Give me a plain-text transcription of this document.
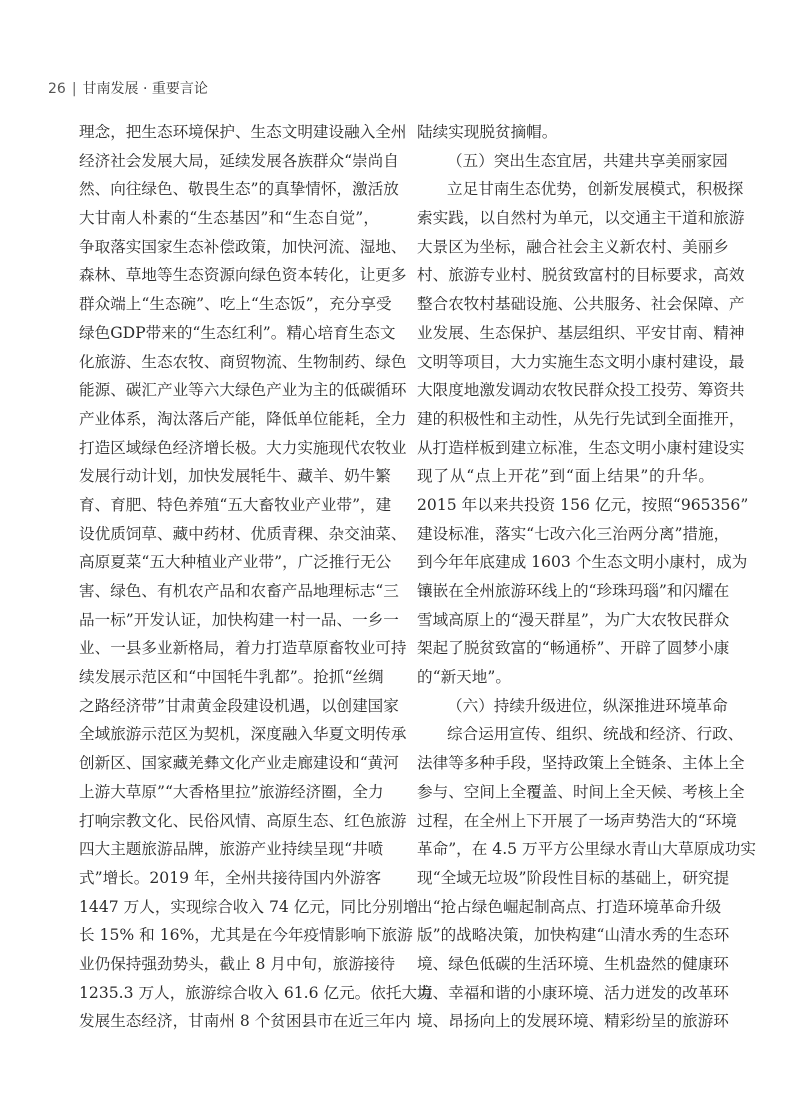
26 | 甘南发展 · 重要言论
理念，把生态环境保护、生态文明建设融入全州
经济社会发展大局，延续发展各族群众“崇尚自
然、向往绿色、敬畏生态”的真挚情怀，激活放
大甘南人朴素的“生态基因”和“生态自觉”，
争取落实国家生态补偿政策，加快河流、湿地、
森林、草地等生态资源向绿色资本转化，让更多
群众端上“生态碗”、吃上“生态饭”，充分享受
绿色GDP带来的“生态红利”。精心培育生态文
化旅游、生态农牧、商贸物流、生物制药、绿色
能源、碳汇产业等六大绿色产业为主的低碳循环
产业体系，淘汰落后产能，降低单位能耗，全力
打造区域绿色经济增长极。大力实施现代农牧业
发展行动计划，加快发展牦牛、藏羊、奶牛繁
育、育肥、特色养殖“五大畜牧业产业带”，建
设优质饲草、藏中药材、优质青稞、杂交油菜、
高原夏菜“五大种植业产业带”，广泛推行无公
害、绿色、有机农产品和农畜产品地理标志“三
品一标”开发认证，加快构建一村一品、一乡一
业、一县多业新格局，着力打造草原畜牧业可持
续发展示范区和“中国牦牛乳都”。抢抓“丝绸
之路经济带”甘肃黄金段建设机遇，以创建国家
全域旅游示范区为契机，深度融入华夏文明传承
创新区、国家藏羌彝文化产业走廊建设和“黄河
上游大草原”“大香格里拉”旅游经济圈，全力
打响宗教文化、民俗风情、高原生态、红色旅游
四大主题旅游品牌，旅游产业持续呈现“井喷
式”增长。2019 年，全州共接待国内外游客
1447 万人，实现综合收入 74 亿元，同比分别增
长 15% 和 16%，尤其是在今年疫情影响下旅游
业仍保持强劲势头，截止 8 月中旬，旅游接待
1235.3 万人，旅游综合收入 61.6 亿元。依托大力
发展生态经济，甘南州 8 个贫困县市在近三年内
陆续实现脱贫摘帽。
（五）突出生态宜居，共建共享美丽家园
立足甘南生态优势，创新发展模式，积极探
索实践，以自然村为单元，以交通主干道和旅游
大景区为坐标，融合社会主义新农村、美丽乡
村、旅游专业村、脱贫致富村的目标要求，高效
整合农牧村基础设施、公共服务、社会保障、产
业发展、生态保护、基层组织、平安甘南、精神
文明等项目，大力实施生态文明小康村建设，最
大限度地激发调动农牧民群众投工投劳、筹资共
建的积极性和主动性，从先行先试到全面推开，
从打造样板到建立标准，生态文明小康村建设实
现了从“点上开花”到“面上结果”的升华。
2015 年以来共投资 156 亿元，按照“965356”
建设标准，落实“七改六化三治两分离”措施，
到今年年底建成 1603 个生态文明小康村，成为
镶嵌在全州旅游环线上的“珍珠玛瑙”和闪耀在
雪域高原上的“漫天群星”，为广大农牧民群众
架起了脱贫致富的“畅通桥”、开辟了圆梦小康
的“新天地”。
（六）持续升级进位，纵深推进环境革命
综合运用宣传、组织、统战和经济、行政、
法律等多种手段，坚持政策上全链条、主体上全
参与、空间上全覆盖、时间上全天候、考核上全
过程，在全州上下开展了一场声势浩大的“环境
革命”，在 4.5 万平方公里绿水青山大草原成功实
现“全域无垃圾”阶段性目标的基础上，研究提
出“抢占绿色崛起制高点、打造环境革命升级
版”的战略决策，加快构建“山清水秀的生态环
境、绿色低碳的生活环境、生机盎然的健康环
境、幸福和谐的小康环境、活力迸发的改革环
境、昂扬向上的发展环境、精彩纷呈的旅游环
